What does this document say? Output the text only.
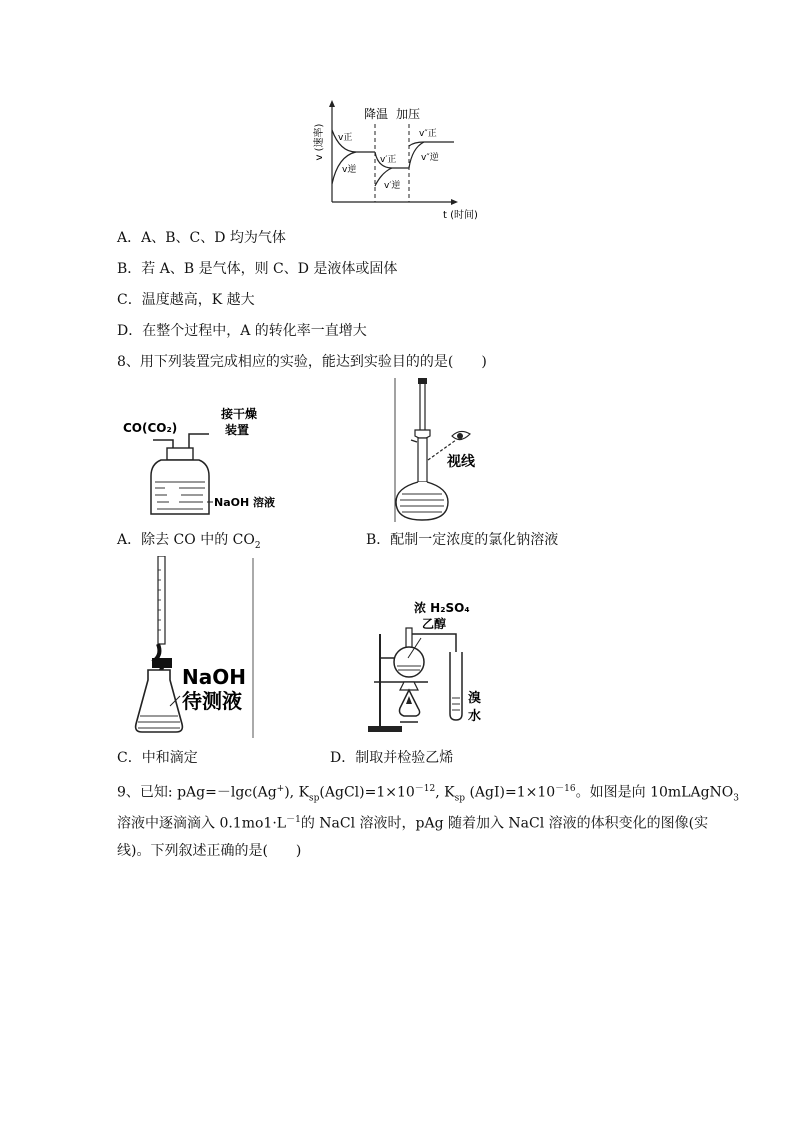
v (速率)
t (时间)
降温 加压
v正
v逆
v′正
v′逆
v″正
v″逆
A．A、B、C、D 均为气体
B．若 A、B 是气体，则 C、D 是液体或固体
C．温度越高，K 越大
D．在整个过程中，A 的转化率一直增大
8、用下列装置完成相应的实验，能达到实验目的的是(　　)
CO(CO₂)
接干燥
装置
NaOH 溶液
A．除去 CO 中的 $CO_2$
视线
B．配制一定浓度的氯化钠溶液
NaOH
待测液
C．中和滴定
浓 H₂SO₄
乙醇
溴
水
D．制取并检验乙烯
9、已知: pAg=－lgc(Ag+), $K_{sp}(AgCl)=1\times 10^{-12}$, $K_{sp}$ $(AgI)=1\times 10^{-16}$。如图是向 10mLAgNO$_3$
溶液中逐滴滴入 $0.1mo1\cdot L^{-1}$的 NaCl 溶液时，pAg 随着加入 NaCl 溶液的体积变化的图像(实
线)。下列叙述正确的是(　　)
